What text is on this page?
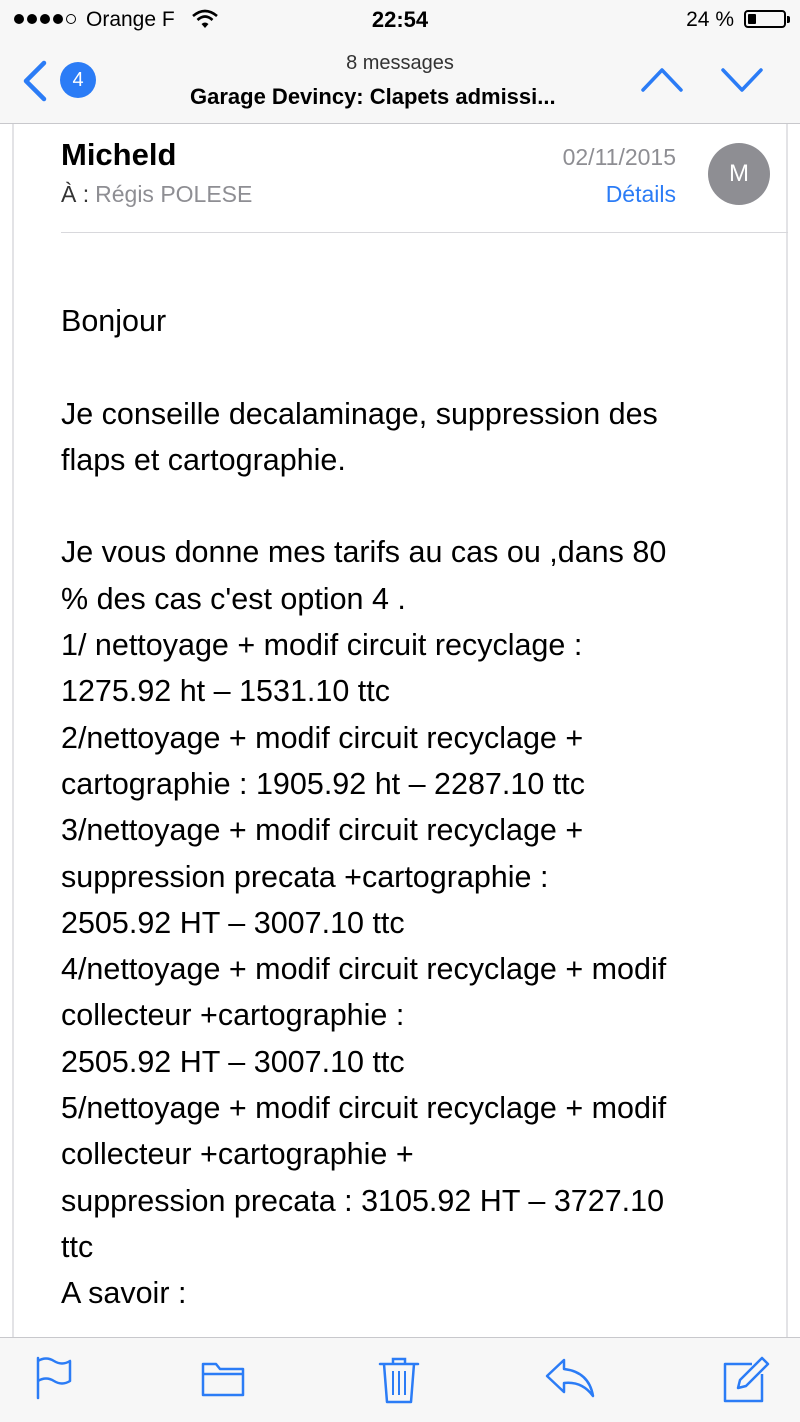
Orange F	22:54	24 %
4
8 messages
Garage Devincy: Clapets admissi...
Micheld
À : Régis POLESE
02/11/2015
Détails
M

Bonjour

Je conseille decalaminage, suppression des

flaps et cartographie.

Je vous donne mes tarifs au cas ou ,dans 80

% des cas c'est option 4 .

1/ nettoyage + modif circuit recyclage :

1275.92 ht – 1531.10 ttc

2/nettoyage + modif circuit recyclage +

cartographie : 1905.92 ht – 2287.10 ttc

3/nettoyage + modif circuit recyclage +

suppression precata +cartographie :

2505.92 HT – 3007.10 ttc

4/nettoyage + modif circuit recyclage + modif

collecteur +cartographie :

2505.92 HT – 3007.10 ttc

5/nettoyage + modif circuit recyclage + modif

collecteur +cartographie +

suppression precata : 3105.92 HT – 3727.10

ttc

A savoir :
